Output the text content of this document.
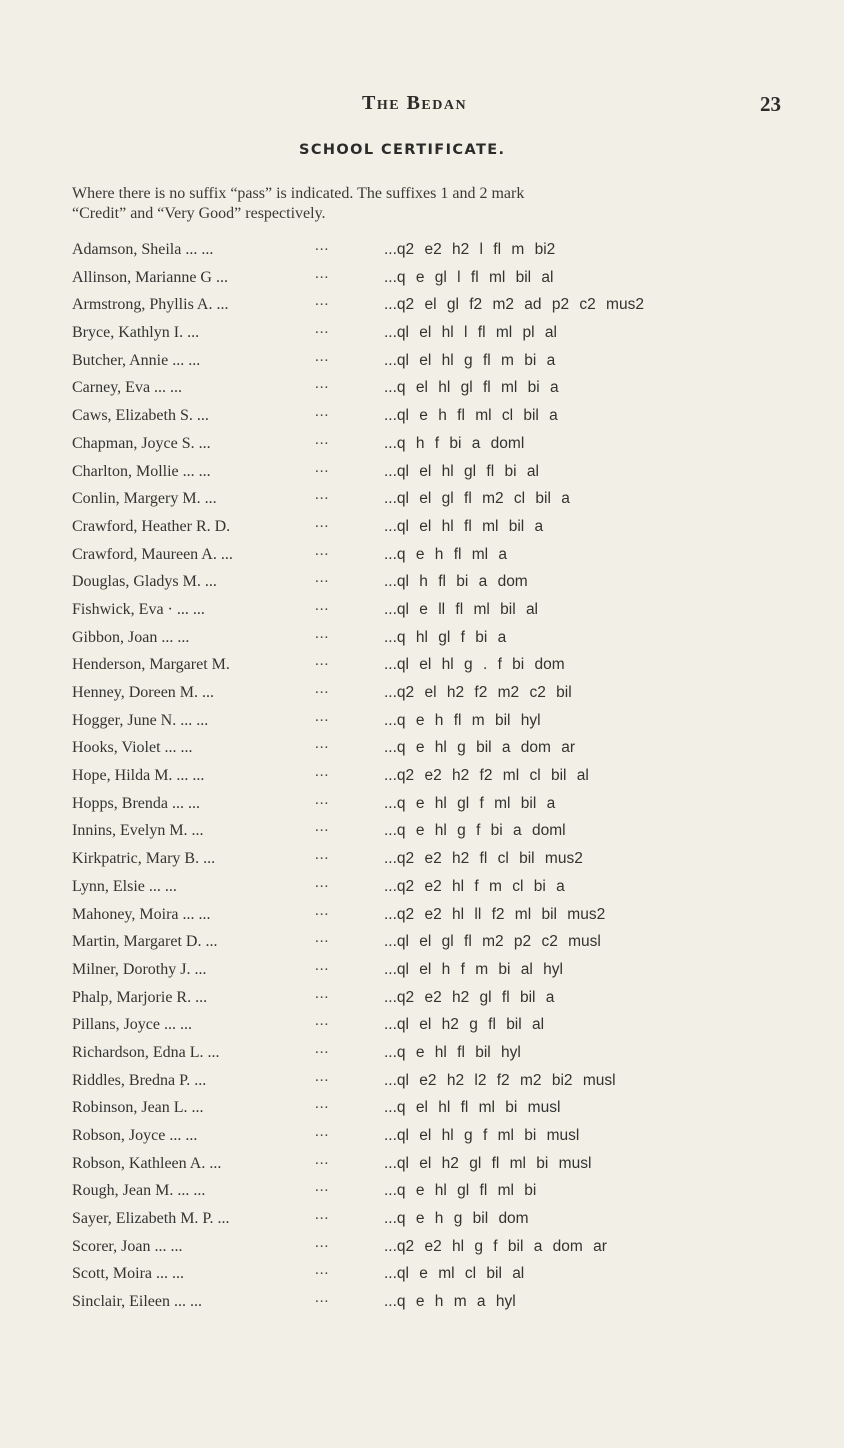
The Bedan	23
SCHOOL CERTIFICATE.

Where there is no suffix “pass” is indicated. The suffixes 1 and 2 mark

“Credit” and “Very Good” respectively.

Adamson, Sheila ... ...	...	...q2 e2 h2 l fl m bi2
Allinson, Marianne G ...	...	...q e gl l fl ml bil al
Armstrong, Phyllis A. ...	...	...q2 el gl f2 m2 ad p2 c2 mus2
Bryce, Kathlyn I. ...	...	...ql el hl l fl ml pl al
Butcher, Annie ... ...	...	...ql el hl g fl m bi a
Carney, Eva ... ...	...	...q el hl gl fl ml bi a
Caws, Elizabeth S. ...	...	...ql e h fl ml cl bil a
Chapman, Joyce S. ...	...	...q h f bi a doml
Charlton, Mollie ... ...	...	...ql el hl gl fl bi al
Conlin, Margery M. ...	...	...ql el gl fl m2 cl bil a
Crawford, Heather R. D.	...	...ql el hl fl ml bil a
Crawford, Maureen A. ...	...	...q e h fl ml a
Douglas, Gladys M. ...	...	...ql h fl bi a dom
Fishwick, Eva · ... ...	...	...ql e ll fl ml bil al
Gibbon, Joan ... ...	...	...q hl gl f bi a
Henderson, Margaret M.	...	...ql el hl g . f bi dom
Henney, Doreen M. ...	...	...q2 el h2 f2 m2 c2 bil
Hogger, June N. ... ...	...	...q e h fl m bil hyl
Hooks, Violet ... ...	...	...q e hl g bil a dom ar
Hope, Hilda M. ... ...	...	...q2 e2 h2 f2 ml cl bil al
Hopps, Brenda ... ...	...	...q e hl gl f ml bil a
Innins, Evelyn M. ...	...	...q e hl g f bi a doml
Kirkpatric, Mary B. ...	...	...q2 e2 h2 fl cl bil mus2
Lynn, Elsie ... ...	...	...q2 e2 hl f m cl bi a
Mahoney, Moira ... ...	...	...q2 e2 hl ll f2 ml bil mus2
Martin, Margaret D. ...	...	...ql el gl fl m2 p2 c2 musl
Milner, Dorothy J. ...	...	...ql el h f m bi al hyl
Phalp, Marjorie R. ...	...	...q2 e2 h2 gl fl bil a
Pillans, Joyce ... ...	...	...ql el h2 g fl bil al
Richardson, Edna L. ...	...	...q e hl fl bil hyl
Riddles, Bredna P. ...	...	...ql e2 h2 l2 f2 m2 bi2 musl
Robinson, Jean L. ...	...	...q el hl fl ml bi musl
Robson, Joyce ... ...	...	...ql el hl g f ml bi musl
Robson, Kathleen A. ...	...	...ql el h2 gl fl ml bi musl
Rough, Jean M. ... ...	...	...q e hl gl fl ml bi
Sayer, Elizabeth M. P. ...	...	...q e h g bil dom
Scorer, Joan ... ...	...	...q2 e2 hl g f bil a dom ar
Scott, Moira ... ...	...	...ql e ml cl bil al
Sinclair, Eileen ... ...	...	...q e h m a hyl
